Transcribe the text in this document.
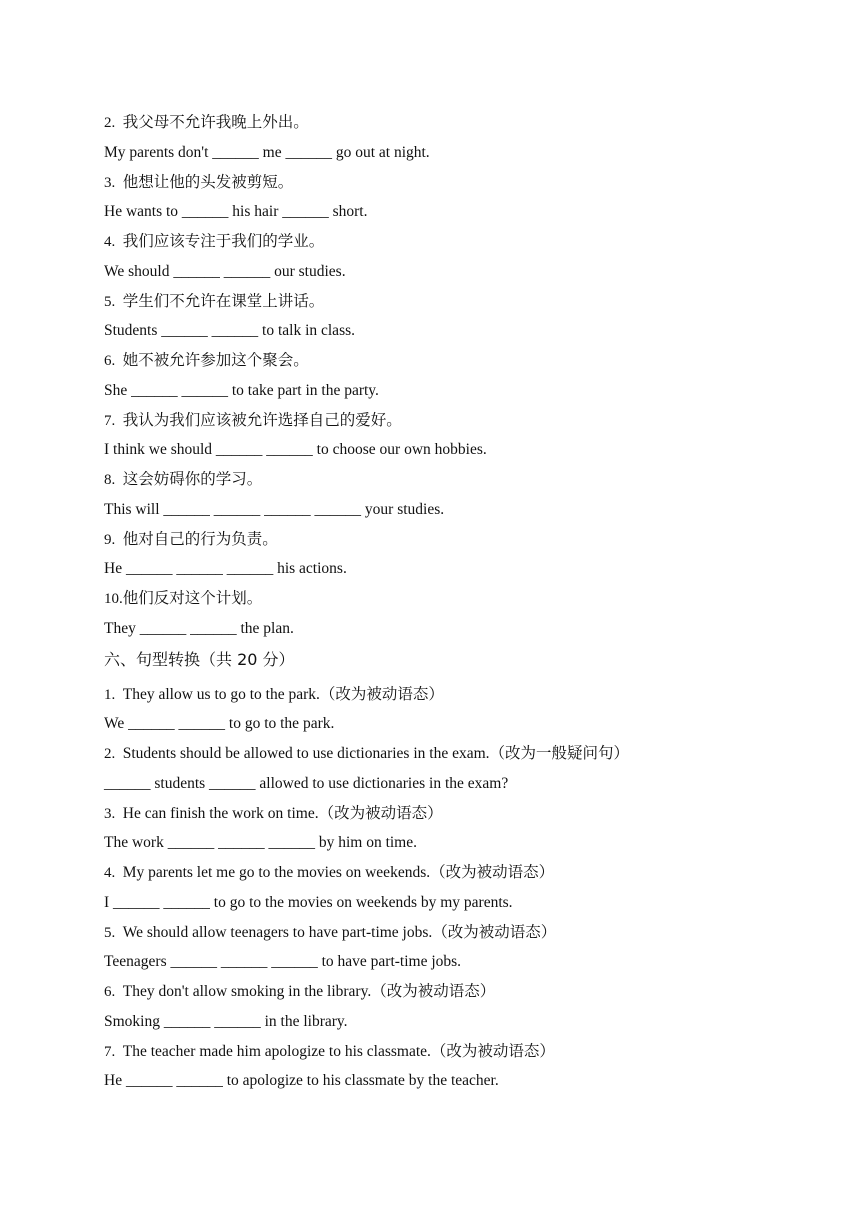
2.  我父母不允许我晚上外出。
My parents don't ______ me ______ go out at night.
3.  他想让他的头发被剪短。
He wants to ______ his hair ______ short.
4.  我们应该专注于我们的学业。
We should ______ ______ our studies.
5.  学生们不允许在课堂上讲话。
Students ______ ______ to talk in class.
6.  她不被允许参加这个聚会。
She ______ ______ to take part in the party.
7.  我认为我们应该被允许选择自己的爱好。
I think we should ______ ______ to choose our own hobbies.
8.  这会妨碍你的学习。
This will ______ ______ ______ ______ your studies.
9.  他对自己的行为负责。
He ______ ______ ______ his actions.
10.他们反对这个计划。
They ______ ______ the plan.
六、句型转换（共 20 分）
1.  They allow us to go to the park.（改为被动语态）
We ______ ______ to go to the park.
2.  Students should be allowed to use dictionaries in the exam.（改为一般疑问句）
______ students ______ allowed to use dictionaries in the exam?
3.  He can finish the work on time.（改为被动语态）
The work ______ ______ ______ by him on time.
4.  My parents let me go to the movies on weekends.（改为被动语态）
I ______ ______ to go to the movies on weekends by my parents.
5.  We should allow teenagers to have part-time jobs.（改为被动语态）
Teenagers ______ ______ ______ to have part-time jobs.
6.  They don't allow smoking in the library.（改为被动语态）
Smoking ______ ______ in the library.
7.  The teacher made him apologize to his classmate.（改为被动语态）
He ______ ______ to apologize to his classmate by the teacher.
